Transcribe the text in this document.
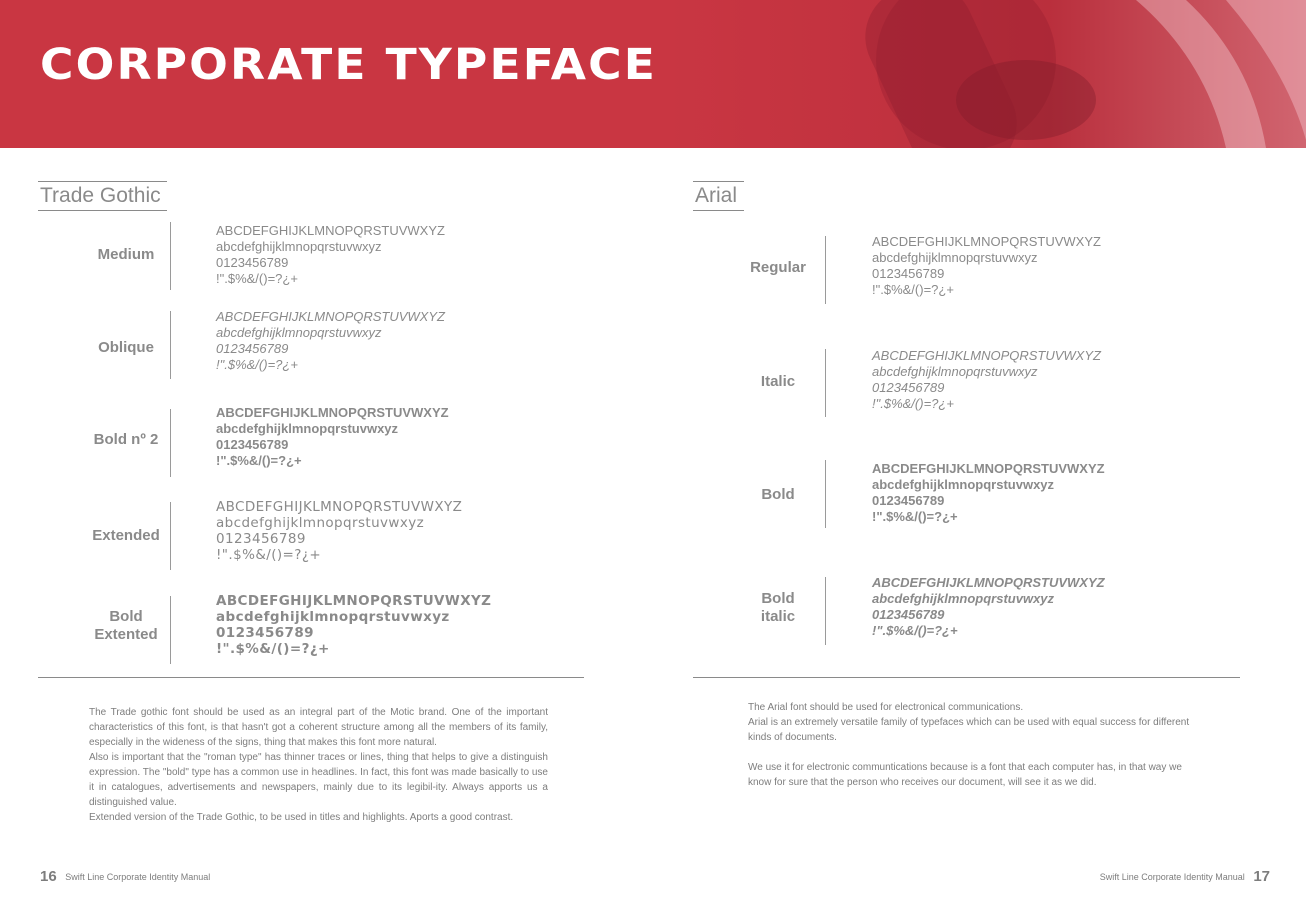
CORPORATE TYPEFACE
Trade Gothic
Medium
ABCDEFGHIJKLMNOPQRSTUVWXYZ
abcdefghijklmnopqrstuvwxyz
0123456789
!".$%&/()=?¿+
Oblique
ABCDEFGHIJKLMNOPQRSTUVWXYZ
abcdefghijklmnopqrstuvwxyz
0123456789
!".$%&/()=?¿+
Bold nº 2
ABCDEFGHIJKLMNOPQRSTUVWXYZ
abcdefghijklmnopqrstuvwxyz
0123456789
!".$%&/()=?¿+
Extended
ABCDEFGHIJKLMNOPQRSTUVWXYZ
abcdefghijklmnopqrstuvwxyz
0123456789
!".$%&/()=?¿+
Bold Extented
ABCDEFGHIJKLMNOPQRSTUVWXYZ
abcdefghijklmnopqrstuvwxyz
0123456789
!".$%&/()=?¿+

The Trade gothic font should be used as an integral part of the Motic brand. One of the important characteristics of this font, is that hasn't got a coherent structure among all the members of its family, especially in the wideness of the signs, thing that makes this font more natural.

Also is important that the "roman type" has thinner traces or lines, thing that helps to give a distinguish expression. The "bold" type has a common use in headlines. In fact, this font was made basically to use it in catalogues, advertisements and newspapers, mainly due to its legibil-ity. Always apports us a distinguished value.

Extended version of the Trade Gothic, to be used in titles and highlights. Aports a good contrast.

Arial
Regular
ABCDEFGHIJKLMNOPQRSTUVWXYZ
abcdefghijklmnopqrstuvwxyz
0123456789
!".$%&/()=?¿+
Italic
ABCDEFGHIJKLMNOPQRSTUVWXYZ
abcdefghijklmnopqrstuvwxyz
0123456789
!".$%&/()=?¿+
Bold
ABCDEFGHIJKLMNOPQRSTUVWXYZ
abcdefghijklmnopqrstuvwxyz
0123456789
!".$%&/()=?¿+
Bold italic
ABCDEFGHIJKLMNOPQRSTUVWXYZ
abcdefghijklmnopqrstuvwxyz
0123456789
!".$%&/()=?¿+

The Arial font should be used for electronical communications.

Arial is an extremely versatile family of typefaces which can be used with equal success for different kinds of documents.

We use it for electronic communtications because is a font that each computer has, in that way we know for sure that the person who receives our document, will see it as we did.

16 Swift Line Corporate Identity Manual	Swift Line Corporate Identity Manual 17
